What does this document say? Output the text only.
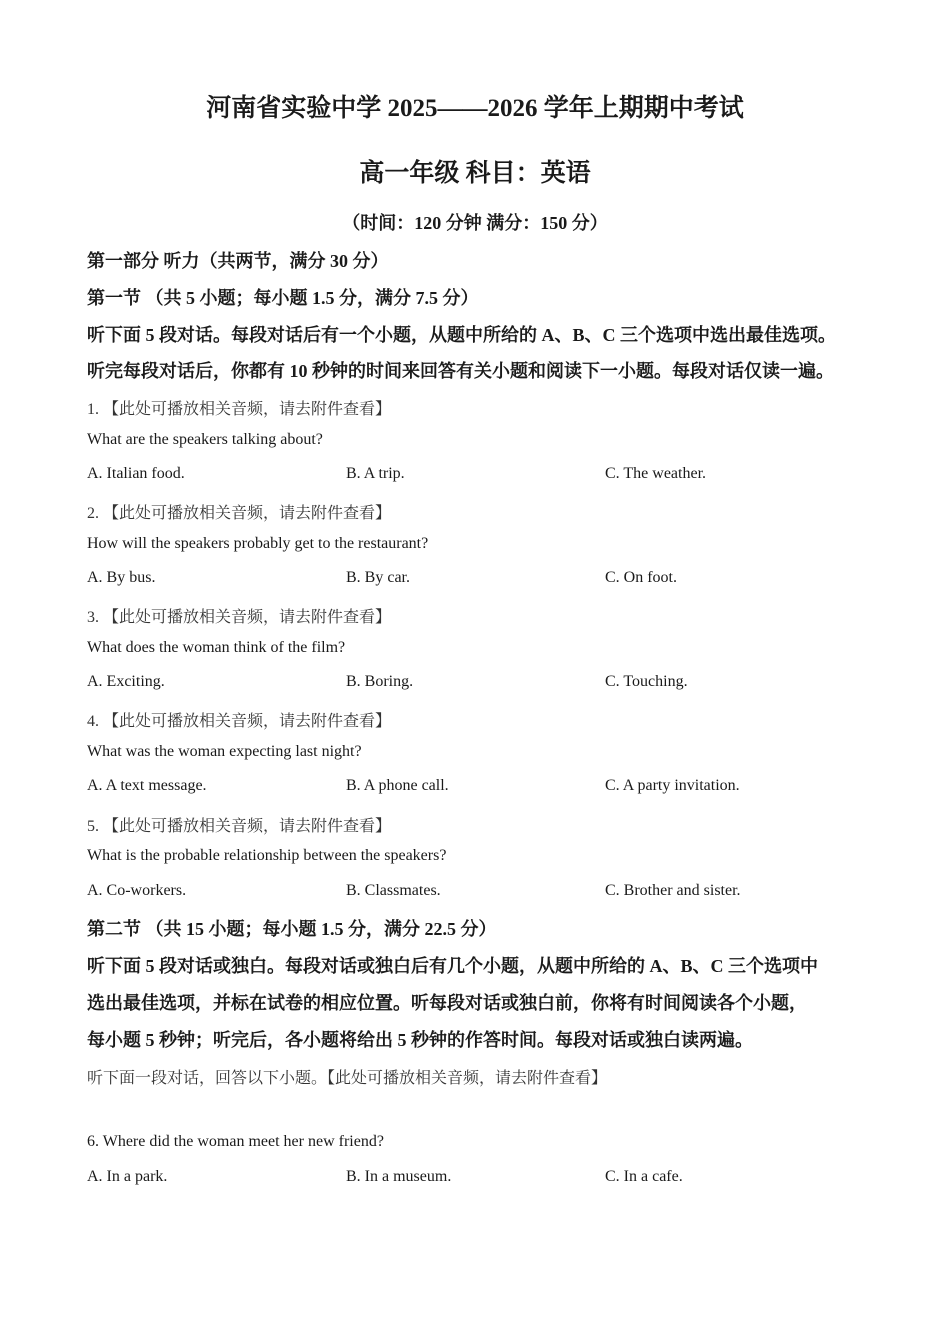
河南省实验中学 2025——2026 学年上期期中考试
高一年级 科目：英语
（时间：120 分钟 满分：150 分）
第一部分 听力（共两节，满分 30 分）
第一节 （共 5 小题；每小题 1.5 分，满分 7.5 分）
听下面 5 段对话。每段对话后有一个小题，从题中所给的 A、B、C 三个选项中选出最佳选项。
听完每段对话后，你都有 10 秒钟的时间来回答有关小题和阅读下一小题。每段对话仅读一遍。
1. 【此处可播放相关音频，请去附件查看】
What are the speakers talking about?
A. Italian food.	B. A trip.	C. The weather.
2. 【此处可播放相关音频，请去附件查看】
How will the speakers probably get to the restaurant?
A. By bus.	B. By car.	C. On foot.
3. 【此处可播放相关音频，请去附件查看】
What does the woman think of the film?
A. Exciting.	B. Boring.	C. Touching.
4. 【此处可播放相关音频，请去附件查看】
What was the woman expecting last night?
A. A text message.	B. A phone call.	C. A party invitation.
5. 【此处可播放相关音频，请去附件查看】
What is the probable relationship between the speakers?
A. Co-workers.	B. Classmates.	C. Brother and sister.
第二节 （共 15 小题；每小题 1.5 分，满分 22.5 分）
听下面 5 段对话或独白。每段对话或独白后有几个小题，从题中所给的 A、B、C 三个选项中
选出最佳选项，并标在试卷的相应位置。听每段对话或独白前，你将有时间阅读各个小题，
每小题 5 秒钟；听完后，各小题将给出 5 秒钟的作答时间。每段对话或独白读两遍。
听下面一段对话，回答以下小题。【此处可播放相关音频，请去附件查看】
6. Where did the woman meet her new friend?
A. In a park.	B. In a museum.	C. In a cafe.
